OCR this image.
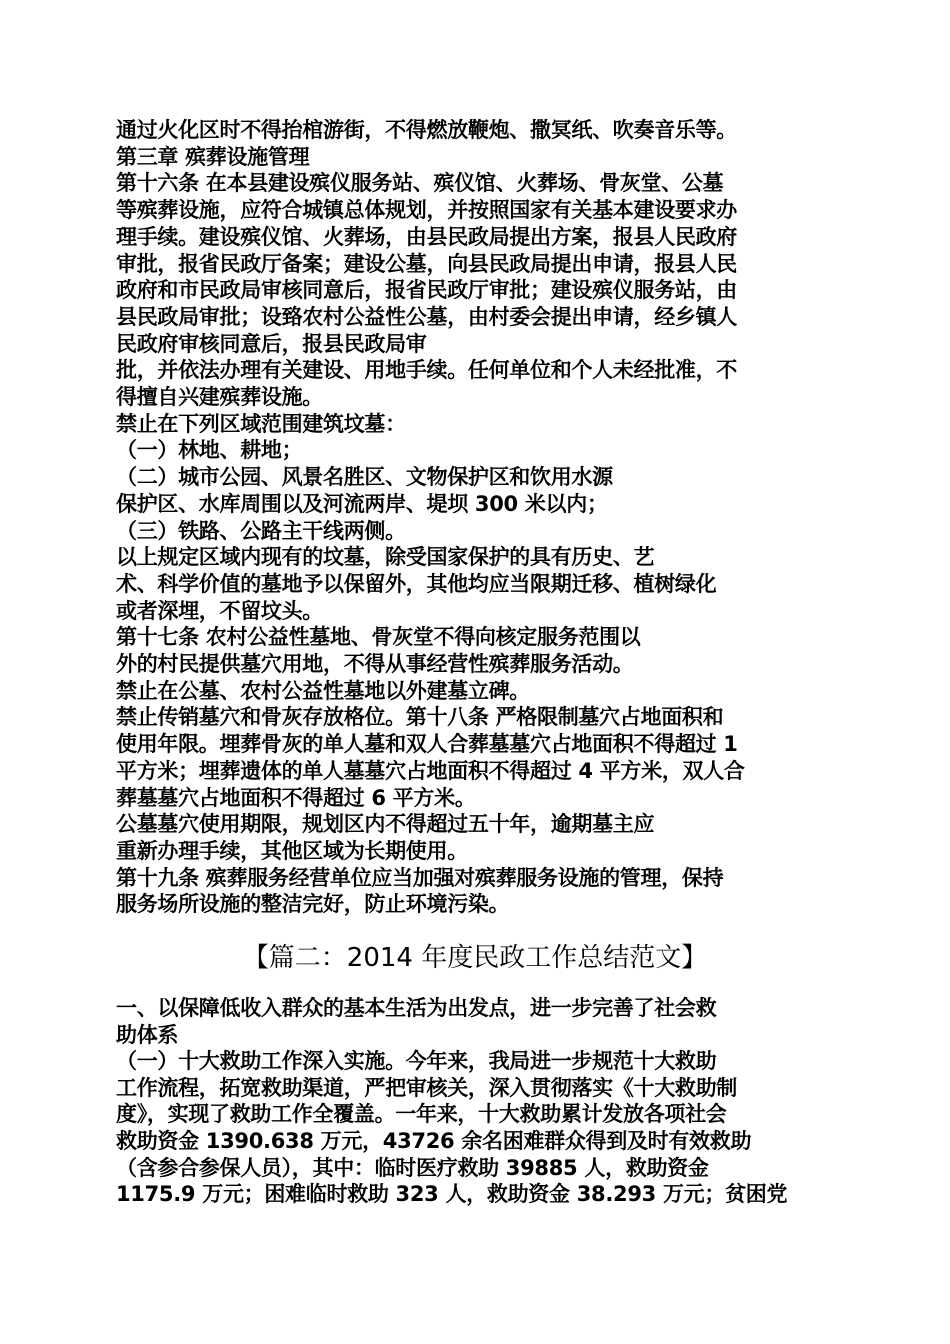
通过火化区时不得抬棺游街，不得燃放鞭炮、撒冥纸、吹奏音乐等。
第三章 殡葬设施管理
第十六条 在本县建设殡仪服务站、殡仪馆、火葬场、骨灰堂、公墓
等殡葬设施，应符合城镇总体规划，并按照国家有关基本建设要求办
理手续。建设殡仪馆、火葬场，由县民政局提出方案，报县人民政府
审批，报省民政厅备案；建设公墓，向县民政局提出申请，报县人民
政府和市民政局审核同意后，报省民政厅审批；建设殡仪服务站，由
县民政局审批；设臵农村公益性公墓，由村委会提出申请，经乡镇人
民政府审核同意后，报县民政局审
批，并依法办理有关建设、用地手续。任何单位和个人未经批准，不
得擅自兴建殡葬设施。
禁止在下列区域范围建筑坟墓：
（一）林地、耕地；
（二）城市公园、风景名胜区、文物保护区和饮用水源
保护区、水库周围以及河流两岸、堤坝 300 米以内；
（三）铁路、公路主干线两侧。
以上规定区域内现有的坟墓，除受国家保护的具有历史、艺
术、科学价值的墓地予以保留外，其他均应当限期迁移、植树绿化
或者深埋，不留坟头。
第十七条 农村公益性墓地、骨灰堂不得向核定服务范围以
外的村民提供墓穴用地，不得从事经营性殡葬服务活动。
禁止在公墓、农村公益性墓地以外建墓立碑。
禁止传销墓穴和骨灰存放格位。第十八条 严格限制墓穴占地面积和
使用年限。埋葬骨灰的单人墓和双人合葬墓墓穴占地面积不得超过 1
平方米；埋葬遗体的单人墓墓穴占地面积不得超过 4 平方米，双人合
葬墓墓穴占地面积不得超过 6 平方米。
公墓墓穴使用期限，规划区内不得超过五十年，逾期墓主应
重新办理手续，其他区域为长期使用。
第十九条 殡葬服务经营单位应当加强对殡葬服务设施的管理，保持
服务场所设施的整洁完好，防止环境污染。
【篇二：2014 年度民政工作总结范文】
一、以保障低收入群众的基本生活为出发点，进一步完善了社会救
助体系
（一）十大救助工作深入实施。今年来，我局进一步规范十大救助
工作流程，拓宽救助渠道，严把审核关，深入贯彻落实《十大救助制
度》，实现了救助工作全覆盖。一年来，十大救助累计发放各项社会
救助资金 1390.638 万元，43726 余名困难群众得到及时有效救助
（含参合参保人员），其中：临时医疗救助 39885 人，救助资金
1175.9 万元；困难临时救助 323 人，救助资金 38.293 万元；贫困党
